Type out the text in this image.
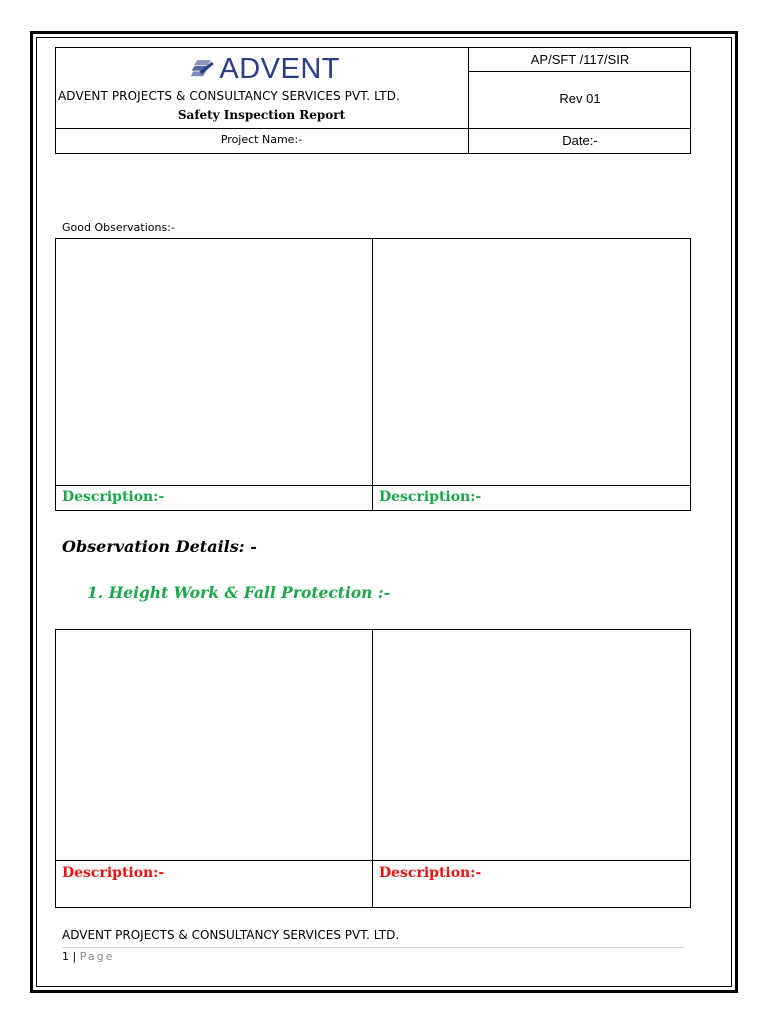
ADVENT
ADVENT PROJECTS & CONSULTANCY SERVICES PVT. LTD.
Safety Inspection Report
AP/SFT /117/SIR
Rev 01
Project Name:-	Date:-
Good Observations:-
Description:-	Description:-
Observation Details: -
1. Height Work & Fall Protection :-
Description:-	Description:-
ADVENT PROJECTS & CONSULTANCY SERVICES PVT. LTD.
1 | Page
